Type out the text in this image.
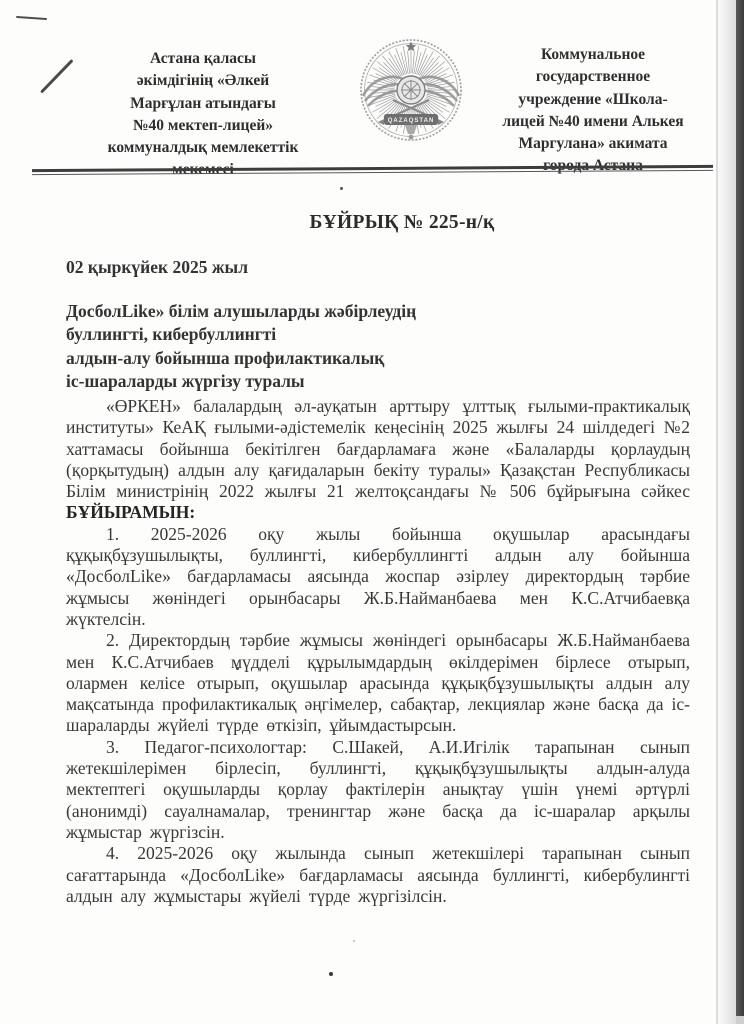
Астана қаласы
әкімдігінің «Әлкей
Марғұлан атындағы
№40 мектеп-лицей»
коммуналдық мемлекеттік
QAZAQSTAN
Коммунальное
государственное
учреждение «Школа-
лицей №40 имени Алькея
Маргулана» акимата
БҰЙРЫҚ № 225-н/қ
02 қыркүйек 2025 жыл
ДосболLike» білім алушыларды жәбірлеудің
буллингті, кибербуллингті
алдын-алу бойынша профилактикалық
іс-шараларды жүргізу туралы

«ӨРКЕН» балалардың әл-ауқатын арттыру ұлттық ғылыми-практикалық институты» КеАҚ ғылыми-әдістемелік кеңесінің 2025 жылғы 24 шілдедегі №2 хаттамасы бойынша бекітілген бағдарламаға және «Балаларды қорлаудың (қорқытудың) алдын алу қағидаларын бекіту туралы» Қазақстан Республикасы Білім министрінің 2022 жылғы 21 желтоқсандағы № 506 бұйрығына сәйкес БҰЙЫРАМЫН:

1. 2025-2026 оқу жылы бойынша оқушылар арасындағы құқықбұзушылықты, буллингті, кибербуллингті алдын алу бойынша «ДосболLike» бағдарламасы аясында жоспар әзірлеу директордың тәрбие жұмысы жөніндегі орынбасары Ж.Б.Найманбаева мен К.С.Атчибаевқа жүктелсін.

2. Директордың тәрбие жұмысы жөніндегі орынбасары Ж.Б.Найманбаева мен К.С.Атчибаев мүдделі құрылымдардың өкілдерімен бірлесе отырып, олармен келісе отырып, оқушылар арасында құқықбұзушылықты алдын алу мақсатында профилактикалық әңгімелер, сабақтар, лекциялар және басқа да іс-шараларды жүйелі түрде өткізіп, ұйымдастырсын.

3. Педагог-психологтар: С.Шакей, А.И.Игілік тарапынан сынып жетекшілерімен бірлесіп, буллингті, құқықбұзушылықты алдын-алуда мектептегі оқушыларды қорлау фактілерін анықтау үшін үнемі әртүрлі (анонимді) сауалнамалар, тренингтар және басқа да іс-шаралар арқылы жұмыстар жүргізсін.

4. 2025-2026 оқу жылында сынып жетекшілері тарапынан сынып сағаттарында «ДосболLike» бағдарламасы аясында буллингті, кибербулингті алдын алу жұмыстары жүйелі түрде жүргізілсін.
